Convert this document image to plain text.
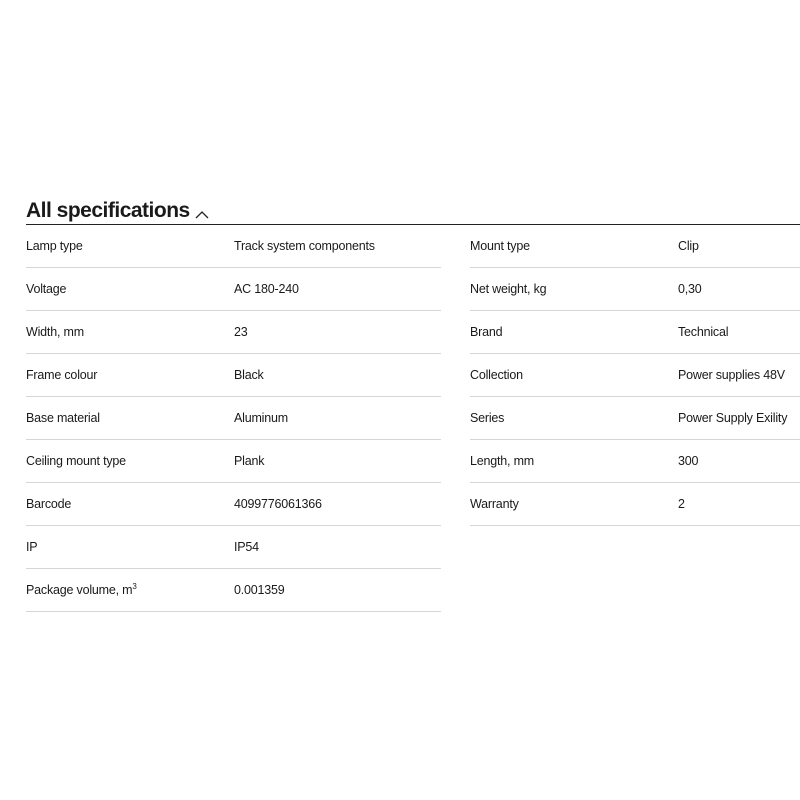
All specifications
Lamp type	Track system components
Voltage	AC 180-240
Width, mm	23
Frame colour	Black
Base material	Aluminum
Ceiling mount type	Plank
Barcode	4099776061366
IP	IP54
Package volume, $m^3$	0.001359
Mount type	Clip
Net weight, kg	0,30
Brand	Technical
Collection	Power supplies 48V
Series	Power Supply Exility
Length, mm	300
Warranty	2
